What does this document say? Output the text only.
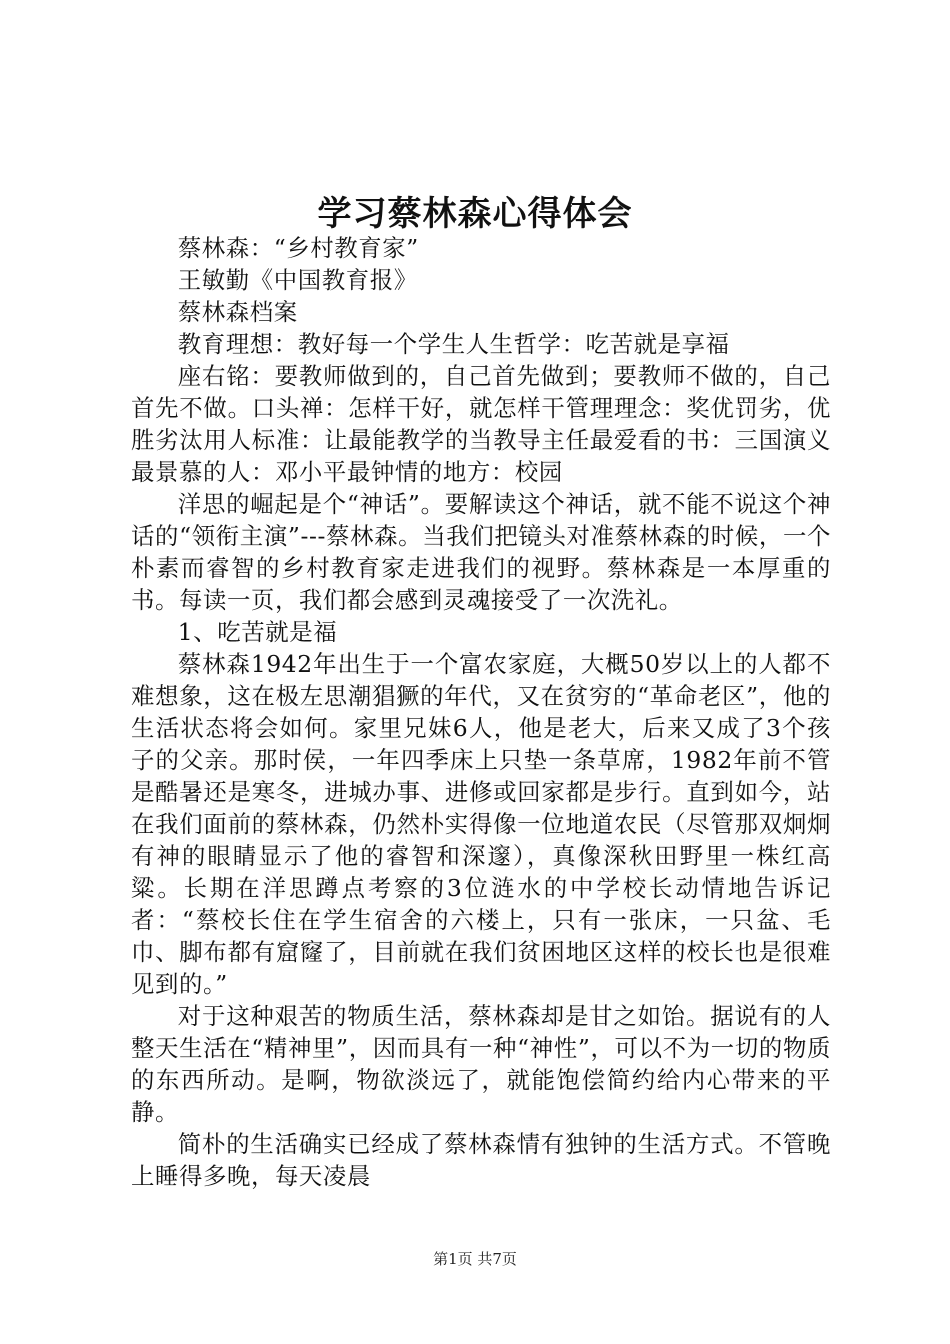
学习蔡林森心得体会

蔡林森：“乡村教育家”

王敏勤《中国教育报》

蔡林森档案

教育理想：教好每一个学生人生哲学：吃苦就是享福

座右铭：要教师做到的，自己首先做到；要教师不做的，自己首先不做。口头禅：怎样干好，就怎样干管理理念：奖优罚劣，优胜劣汰用人标准：让最能教学的当教导主任最爱看的书：三国演义最景慕的人：邓小平最钟情的地方：校园

洋思的崛起是个“神话”。要解读这个神话，就不能不说这个神话的“领衔主演”---蔡林森。当我们把镜头对准蔡林森的时候，一个朴素而睿智的乡村教育家走进我们的视野。蔡林森是一本厚重的书。每读一页，我们都会感到灵魂接受了一次洗礼。

1、吃苦就是福

蔡林森1942年出生于一个富农家庭，大概50岁以上的人都不难想象，这在极左思潮猖獗的年代，又在贫穷的“革命老区”，他的生活状态将会如何。家里兄妹6人，他是老大，后来又成了3个孩子的父亲。那时侯，一年四季床上只垫一条草席，1982年前不管是酷暑还是寒冬，进城办事、进修或回家都是步行。直到如今，站在我们面前的蔡林森，仍然朴实得像一位地道农民（尽管那双炯炯有神的眼睛显示了他的睿智和深邃），真像深秋田野里一株红高粱。长期在洋思蹲点考察的3位涟水的中学校长动情地告诉记者：“蔡校长住在学生宿舍的六楼上，只有一张床，一只盆、毛巾、脚布都有窟窿了，目前就在我们贫困地区这样的校长也是很难见到的。”

对于这种艰苦的物质生活，蔡林森却是甘之如饴。据说有的人整天生活在“精神里”，因而具有一种“神性”，可以不为一切的物质的东西所动。是啊，物欲淡远了，就能饱偿简约给内心带来的平静。

简朴的生活确实已经成了蔡林森情有独钟的生活方式。不管晚上睡得多晚，每天凌晨

第1页 共7页
